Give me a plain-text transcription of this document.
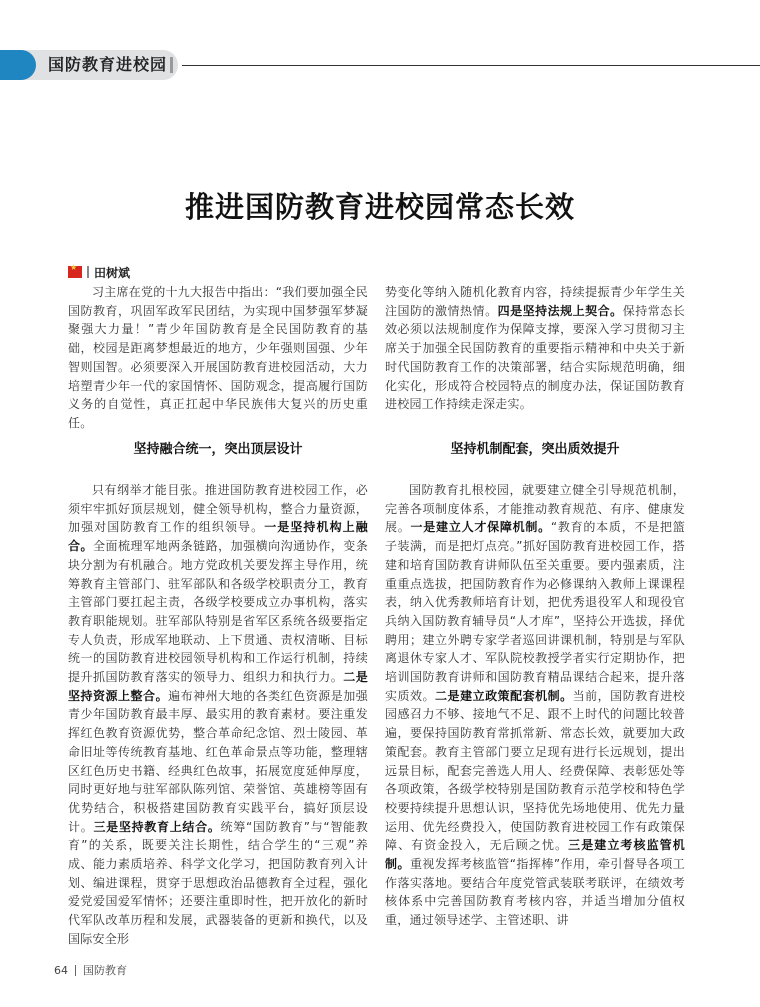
国防教育进校园
推进国防教育进校园常态长效
★
田树斌

习主席在党的十九大报告中指出：“我们要加强全民国防教育，巩固军政军民团结，为实现中国梦强军梦凝聚强大力量！”青少年国防教育是全民国防教育的基础，校园是距离梦想最近的地方，少年强则国强、少年智则国智。必须要深入开展国防教育进校园活动，大力培塑青少年一代的家国情怀、国防观念，提高履行国防义务的自觉性，真正扛起中华民族伟大复兴的历史重任。

势变化等纳入随机化教育内容，持续提振青少年学生关注国防的激情热情。四是坚持法规上契合。保持常态长效必须以法规制度作为保障支撑，要深入学习贯彻习主席关于加强全民国防教育的重要指示精神和中央关于新时代国防教育工作的决策部署，结合实际规范明确，细化实化，形成符合校园特点的制度办法，保证国防教育进校园工作持续走深走实。

坚持融合统一，突出顶层设计	坚持机制配套，突出质效提升

只有纲举才能目张。推进国防教育进校园工作，必须牢牢抓好顶层规划，健全领导机构，整合力量资源，加强对国防教育工作的组织领导。一是坚持机构上融合。全面梳理军地两条链路，加强横向沟通协作，变条块分割为有机融合。地方党政机关要发挥主导作用，统筹教育主管部门、驻军部队和各级学校职责分工，教育主管部门要扛起主责，各级学校要成立办事机构，落实教育职能规划。驻军部队特别是省军区系统各级要指定专人负责，形成军地联动、上下贯通、责权清晰、目标统一的国防教育进校园领导机构和工作运行机制，持续提升抓国防教育落实的领导力、组织力和执行力。二是坚持资源上整合。遍布神州大地的各类红色资源是加强青少年国防教育最丰厚、最实用的教育素材。要注重发挥红色教育资源优势，整合革命纪念馆、烈士陵园、革命旧址等传统教育基地、红色革命景点等功能，整理辖区红色历史书籍、经典红色故事，拓展宽度延伸厚度，同时更好地与驻军部队陈列馆、荣誉馆、英雄榜等固有优势结合，积极搭建国防教育实践平台，搞好顶层设计。三是坚持教育上结合。统筹“国防教育”与“智能教育”的关系，既要关注长期性，结合学生的“三观”养成、能力素质培养、科学文化学习，把国防教育列入计划、编进课程，贯穿于思想政治品德教育全过程，强化爱党爱国爱军情怀；还要注重即时性，把开放化的新时代军队改革历程和发展，武器装备的更新和换代，以及国际安全形

国防教育扎根校园，就要建立健全引导规范机制，完善各项制度体系，才能推动教育规范、有序、健康发展。一是建立人才保障机制。“教育的本质，不是把篮子装满，而是把灯点亮。”抓好国防教育进校园工作，搭建和培育国防教育讲师队伍至关重要。要内强素质，注重重点选拔，把国防教育作为必修课纳入教师上课课程表，纳入优秀教师培育计划，把优秀退役军人和现役官兵纳入国防教育辅导员“人才库”，坚持公开选拔，择优聘用；建立外聘专家学者巡回讲课机制，特别是与军队离退休专家人才、军队院校教授学者实行定期协作，把培训国防教育讲师和国防教育精品课结合起来，提升落实质效。二是建立政策配套机制。当前，国防教育进校园感召力不够、接地气不足、跟不上时代的问题比较普遍，要保持国防教育常抓常新、常态长效，就要加大政策配套。教育主管部门要立足现有进行长远规划，提出远景目标，配套完善选人用人、经费保障、表彰惩处等各项政策，各级学校特别是国防教育示范学校和特色学校要持续提升思想认识，坚持优先场地使用、优先力量运用、优先经费投入，使国防教育进校园工作有政策保障、有资金投入，无后顾之忧。三是建立考核监管机制。重视发挥考核监管“指挥棒”作用，牵引督导各项工作落实落地。要结合年度党管武装联考联评，在绩效考核体系中完善国防教育考核内容，并适当增加分值权重，通过领导述学、主管述职、讲

64 国防教育
